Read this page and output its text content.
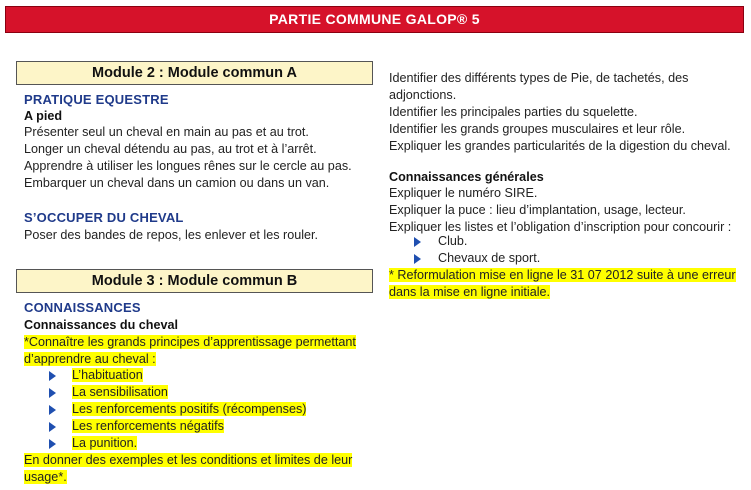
PARTIE COMMUNE GALOP® 5
Module 2 : Module commun A
PRATIQUE EQUESTRE
A pied
Présenter seul un cheval en main au pas et au trot.
Longer un cheval détendu au pas, au trot et à l’arrêt.
Apprendre à utiliser les longues rênes sur le cercle au pas.
Embarquer un cheval dans un camion ou dans un van.
S’OCCUPER DU CHEVAL
Poser des bandes de repos, les enlever et les rouler.
Module 3 : Module commun B
CONNAISSANCES
Connaissances du cheval
*Connaître les grands principes d’apprentissage permettant
d’apprendre au cheval :
L’habituation
La sensibilisation
Les renforcements positifs (récompenses)
Les renforcements négatifs
La punition.
En donner des exemples et les conditions et limites de leur
usage*.
Identifier des différents types de Pie, de tachetés, des
adjonctions.
Identifier les principales parties du squelette.
Identifier les grands groupes musculaires et leur rôle.
Expliquer les grandes particularités de la digestion du cheval.
Connaissances générales
Expliquer le numéro SIRE.
Expliquer la puce : lieu d’implantation, usage, lecteur.
Expliquer les listes et l’obligation d’inscription pour concourir :
Club.
Chevaux de sport.
* Reformulation mise en ligne le 31 07 2012 suite à une erreur
dans la mise en ligne initiale.
